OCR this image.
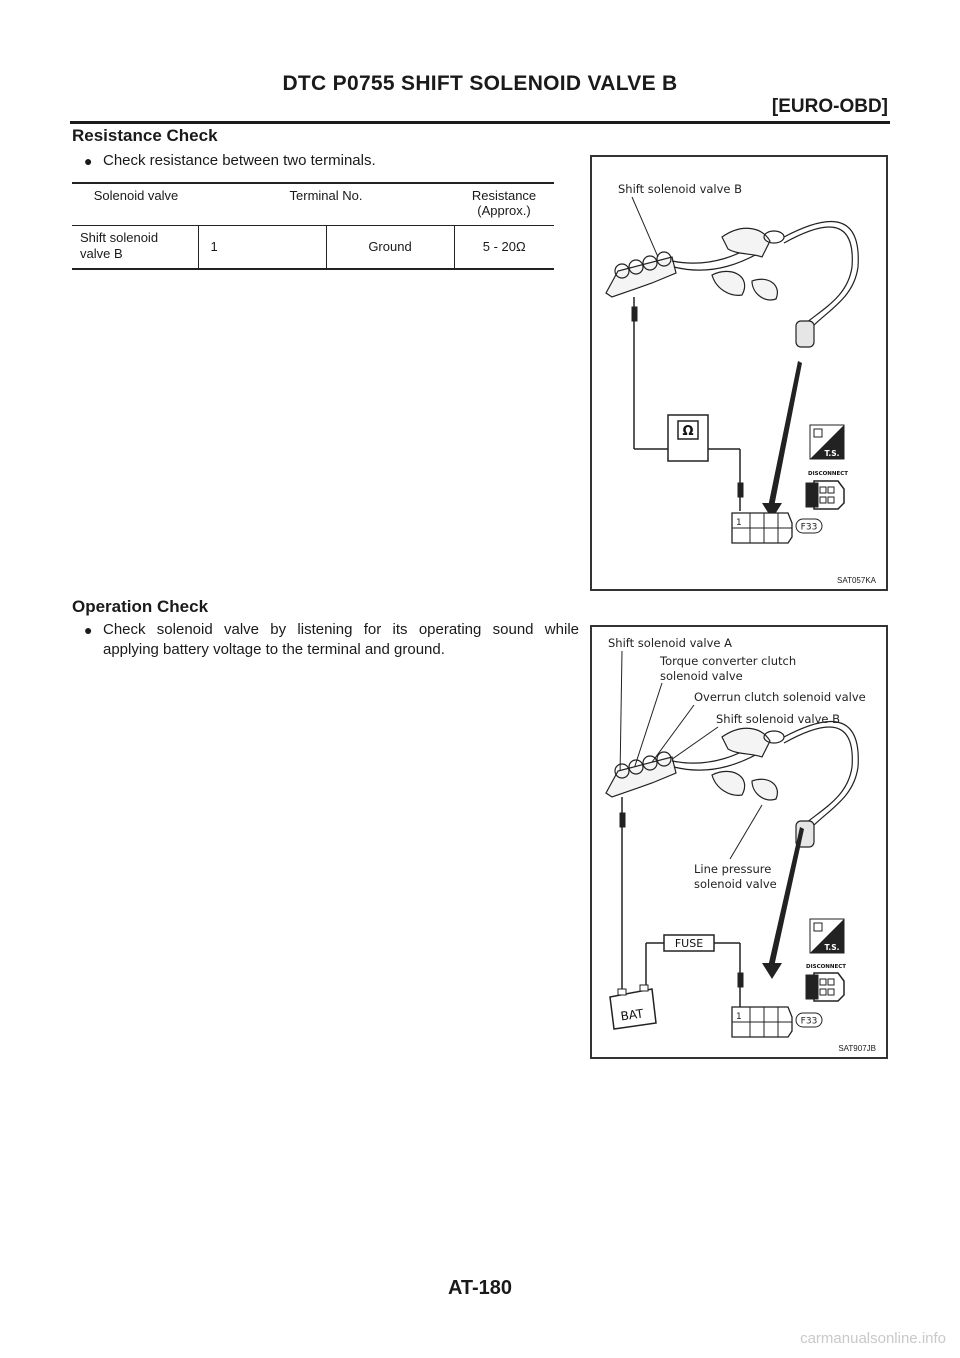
DTC P0755 SHIFT SOLENOID VALVE B
[EURO-OBD]
Resistance Check
● Check resistance between two terminals.
Solenoid valve	Terminal No.		Resistance (Approx.)
Shift solenoid valve B	1	Ground	5 - 20Ω
Shift solenoid valve B
Ω
T.S.
DISCONNECT
1	F33
SAT057KA
Operation Check
● Check solenoid valve by listening for its operating sound while
applying battery voltage to the terminal and ground.	Shift solenoid valve A
Torque converter clutch
solenoid valve
Overrun clutch solenoid valve
Shift solenoid valve B
Line pressure
solenoid valve
FUSE
BAT
T.S.
DISCONNECT
1	F33
SAT907JB
AT-180
carmanualsonline.info
